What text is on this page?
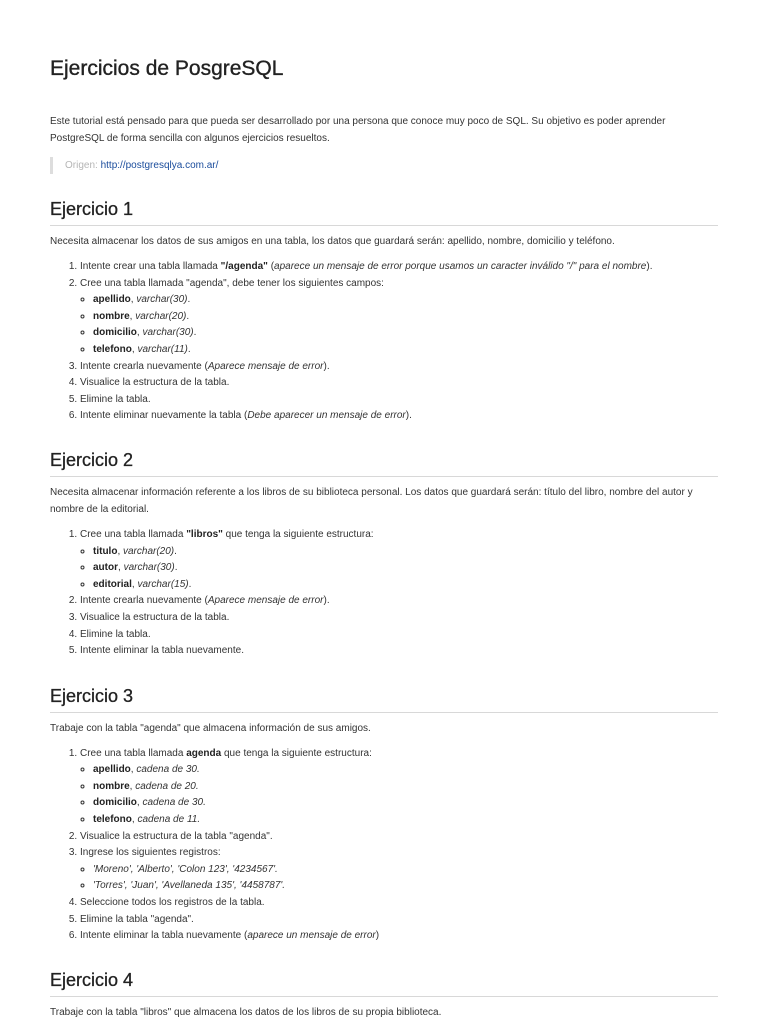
Ejercicios de PosgreSQL

Este tutorial está pensado para que pueda ser desarrollado por una persona que conoce muy poco de SQL. Su objetivo es poder aprender PostgreSQL de forma sencilla con algunos ejercicios resueltos.

Origen: http://postgresqlya.com.ar/
Ejercicio 1

Necesita almacenar los datos de sus amigos en una tabla, los datos que guardará serán: apellido, nombre, domicilio y teléfono.

1. Intente crear una tabla llamada "/agenda" (aparece un mensaje de error porque usamos un caracter inválido "/" para el nombre).
2. Cree una tabla llamada "agenda", debe tener los siguientes campos:
◦ apellido, varchar(30).
◦ nombre, varchar(20).
◦ domicilio, varchar(30).
◦ telefono, varchar(11).
3. Intente crearla nuevamente (Aparece mensaje de error).
4. Visualice la estructura de la tabla.
5. Elimine la tabla.
6. Intente eliminar nuevamente la tabla (Debe aparecer un mensaje de error).
Ejercicio 2

Necesita almacenar información referente a los libros de su biblioteca personal. Los datos que guardará serán: título del libro, nombre del autor y nombre de la editorial.

1. Cree una tabla llamada "libros" que tenga la siguiente estructura:
◦ titulo, varchar(20).
◦ autor, varchar(30).
◦ editorial, varchar(15).
2. Intente crearla nuevamente (Aparece mensaje de error).
3. Visualice la estructura de la tabla.
4. Elimine la tabla.
5. Intente eliminar la tabla nuevamente.
Ejercicio 3

Trabaje con la tabla "agenda" que almacena información de sus amigos.

1. Cree una tabla llamada agenda que tenga la siguiente estructura:
◦ apellido, cadena de 30.
◦ nombre, cadena de 20.
◦ domicilio, cadena de 30.
◦ telefono, cadena de 11.
2. Visualice la estructura de la tabla "agenda".
3. Ingrese los siguientes registros:
◦ 'Moreno', 'Alberto', 'Colon 123', '4234567'.
◦ 'Torres', 'Juan', 'Avellaneda 135', '4458787'.
4. Seleccione todos los registros de la tabla.
5. Elimine la tabla "agenda".
6. Intente eliminar la tabla nuevamente (aparece un mensaje de error)
Ejercicio 4

Trabaje con la tabla "libros" que almacena los datos de los libros de su propia biblioteca.
